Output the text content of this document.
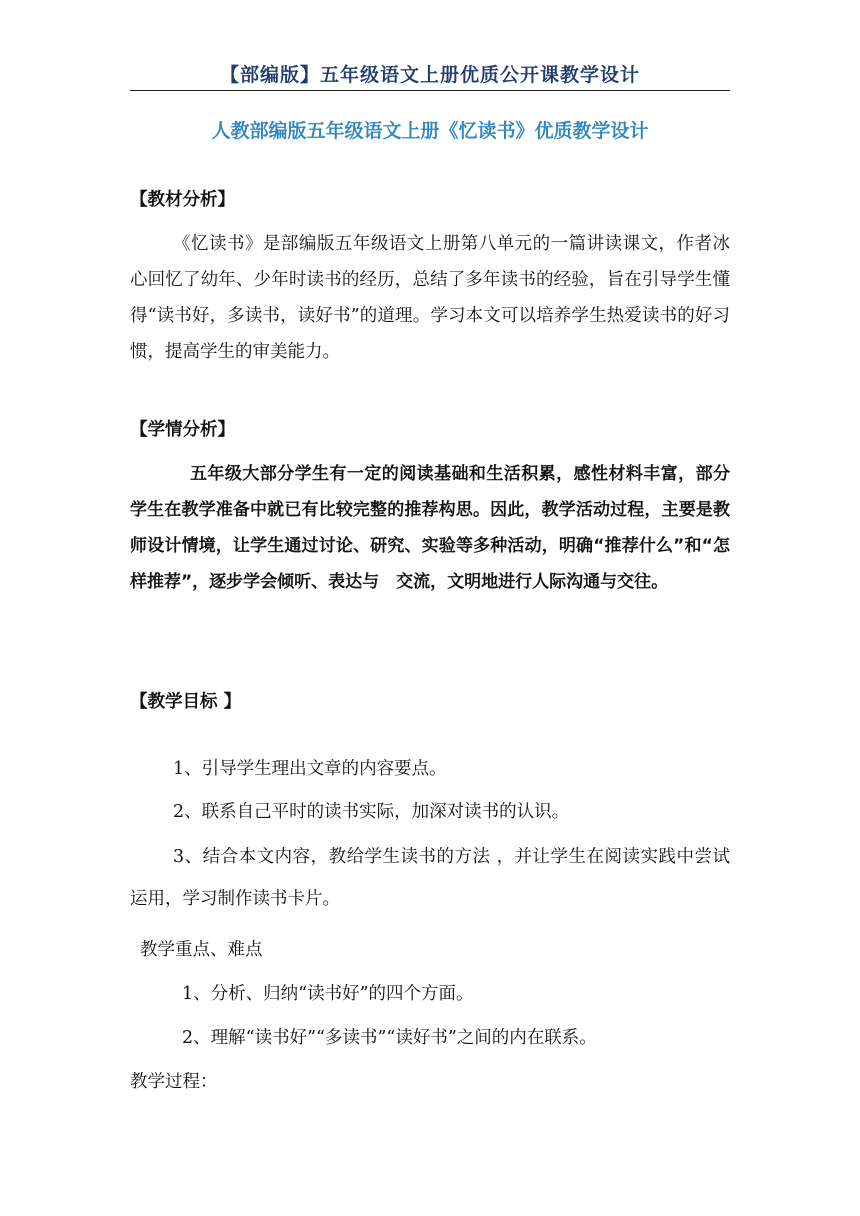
【部编版】五年级语文上册优质公开课教学设计
人教部编版五年级语文上册《忆读书》优质教学设计
【教材分析】
《忆读书》是部编版五年级语文上册第八单元的一篇讲读课文，作者冰心回忆了幼年、少年时读书的经历，总结了多年读书的经验，旨在引导学生懂得“读书好，多读书，读好书”的道理。学习本文可以培养学生热爱读书的好习惯，提高学生的审美能力。
【学情分析】
五年级大部分学生有一定的阅读基础和生活积累，感性材料丰富，部分学生在教学准备中就已有比较完整的推荐构思。因此，教学活动过程，主要是教师设计情境，让学生通过讨论、研究、实验等多种活动，明确“推荐什么”和“怎样推荐”，逐步学会倾听、表达与　交流，文明地进行人际沟通与交往。
【教学目标 】
1、引导学生理出文章的内容要点。
2、联系自己平时的读书实际，加深对读书的认识。
3、结合本文内容，教给学生读书的方法 ，并让学生在阅读实践中尝试运用，学习制作读书卡片。
教学重点、难点
1、分析、归纳“读书好”的四个方面。
2、理解“读书好”“多读书”“读好书”之间的内在联系。
教学过程：
